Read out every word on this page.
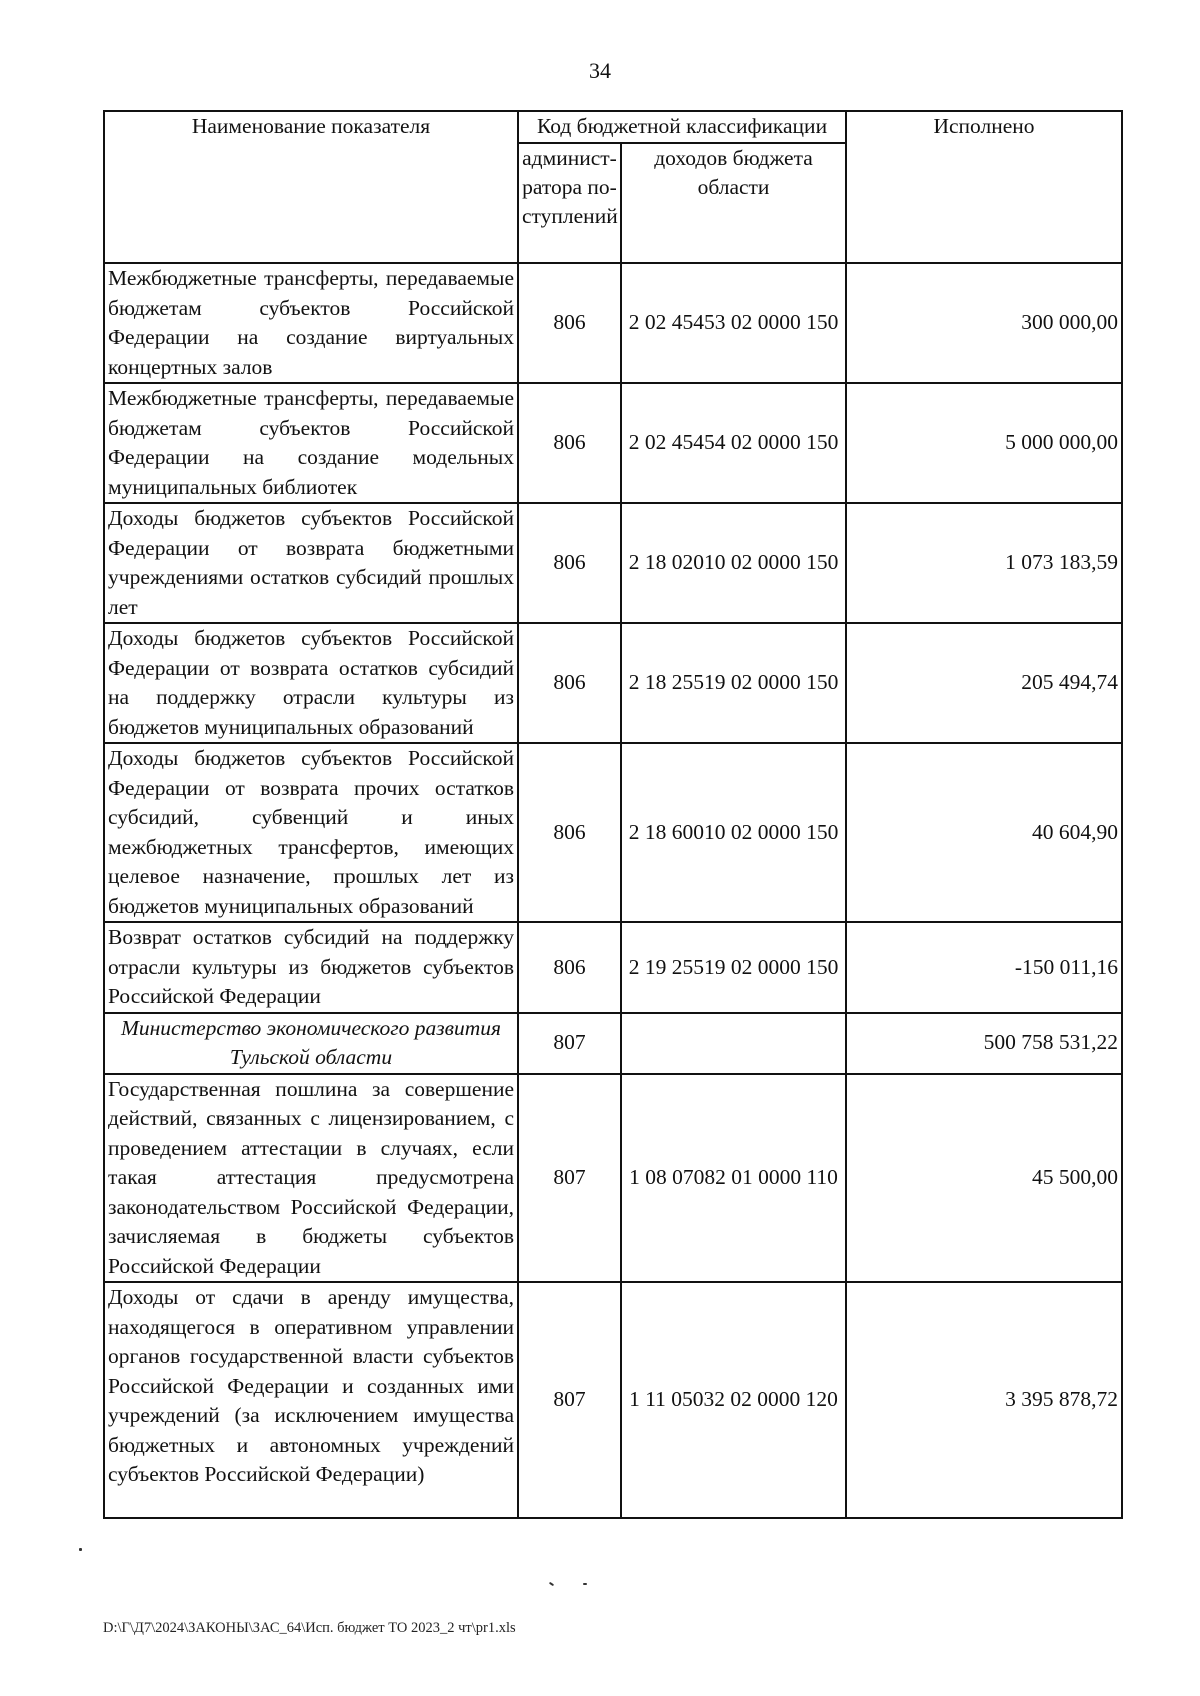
34
Наименование показателя	Код бюджетной классификации		Исполнено
	админист-ратора по-ступлений	доходов бюджета области	
Межбюджетные трансферты, передаваемые бюджетам субъектов Российской Федерации на создание виртуальных концертных залов	806	2 02 45453 02 0000 150	300 000,00
Межбюджетные трансферты, передаваемые бюджетам субъектов Российской Федерации на создание модельных муниципальных библиотек	806	2 02 45454 02 0000 150	5 000 000,00
Доходы бюджетов субъектов Российской Федерации от возврата бюджетными учреждениями остатков субсидий прошлых лет	806	2 18 02010 02 0000 150	1 073 183,59
Доходы бюджетов субъектов Российской Федерации от возврата остатков субсидий на поддержку отрасли культуры из бюджетов муниципальных образований	806	2 18 25519 02 0000 150	205 494,74
Доходы бюджетов субъектов Российской Федерации от возврата прочих остатков субсидий, субвенций и иных межбюджетных трансфертов, имеющих целевое назначение, прошлых лет из бюджетов муниципальных образований	806	2 18 60010 02 0000 150	40 604,90
Возврат остатков субсидий на поддержку отрасли культуры из бюджетов субъектов Российской Федерации	806	2 19 25519 02 0000 150	-150 011,16
Министерство экономического развития Тульской области	807		500 758 531,22
Государственная пошлина за совершение действий, связанных с лицензированием, с проведением аттестации в случаях, если такая аттестация предусмотрена законодательством Российской Федерации, зачисляемая в бюджеты субъектов Российской Федерации	807	1 08 07082 01 0000 110	45 500,00
Доходы от сдачи в аренду имущества, находящегося в оперативном управлении органов государственной власти субъектов Российской Федерации и созданных ими учреждений (за исключением имущества бюджетных и автономных учреждений субъектов Российской Федерации)	807	1 11 05032 02 0000 120	3 395 878,72
D:\Г\Д7\2024\ЗАКОНЫ\ЗАС_64\Исп. бюджет ТО 2023_2 чт\pr1.xls
